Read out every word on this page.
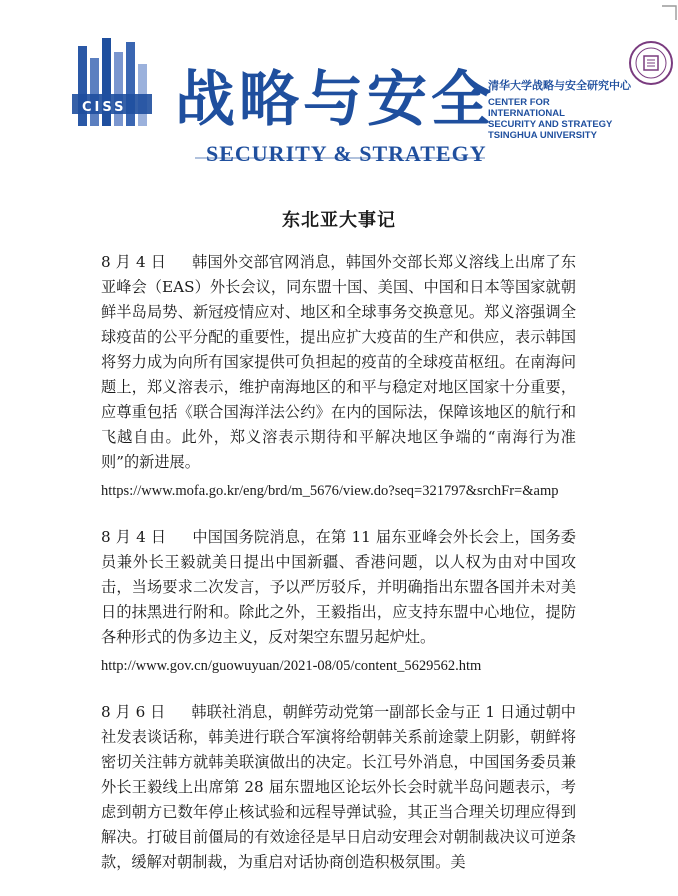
CISS 战略与安全
SECURITY & STRATEGY
清华大学战略与安全研究中心
CENTER FOR
INTERNATIONAL
SECURITY AND STRATEGY
TSINGHUA UNIVERSITY
东北亚大事记

8 月 4 日 韩国外交部官网消息，韩国外交部长郑义溶线上出席了东亚峰会（EAS）外长会议，同东盟十国、美国、中国和日本等国家就朝鲜半岛局势、新冠疫情应对、地区和全球事务交换意见。郑义溶强调全球疫苗的公平分配的重要性，提出应扩大疫苗的生产和供应，表示韩国将努力成为向所有国家提供可负担起的疫苗的全球疫苗枢纽。在南海问题上，郑义溶表示，维护南海地区的和平与稳定对地区国家十分重要，应尊重包括《联合国海洋法公约》在内的国际法，保障该地区的航行和飞越自由。此外，郑义溶表示期待和平解决地区争端的“南海行为准则”的新进展。

https://www.mofa.go.kr/eng/brd/m_5676/view.do?seq=321797&srchFr=&amp

8 月 4 日 中国国务院消息，在第 11 届东亚峰会外长会上，国务委员兼外长王毅就美日提出中国新疆、香港问题，以人权为由对中国攻击，当场要求二次发言，予以严厉驳斥，并明确指出东盟各国并未对美日的抹黑进行附和。除此之外，王毅指出，应支持东盟中心地位，提防各种形式的伪多边主义，反对架空东盟另起炉灶。

http://www.gov.cn/guowuyuan/2021-08/05/content_5629562.htm

8 月 6 日 韩联社消息，朝鲜劳动党第一副部长金与正 1 日通过朝中社发表谈话称，韩美进行联合军演将给朝韩关系前途蒙上阴影，朝鲜将密切关注韩方就韩美联演做出的决定。长江号外消息，中国国务委员兼外长王毅线上出席第 28 届东盟地区论坛外长会时就半岛问题表示，考虑到朝方已数年停止核试验和远程导弹试验，其正当合理关切理应得到解决。打破目前僵局的有效途径是早日启动安理会对朝制裁决议可逆条款，缓解对朝制裁，为重启对话协商创造积极氛围。美
